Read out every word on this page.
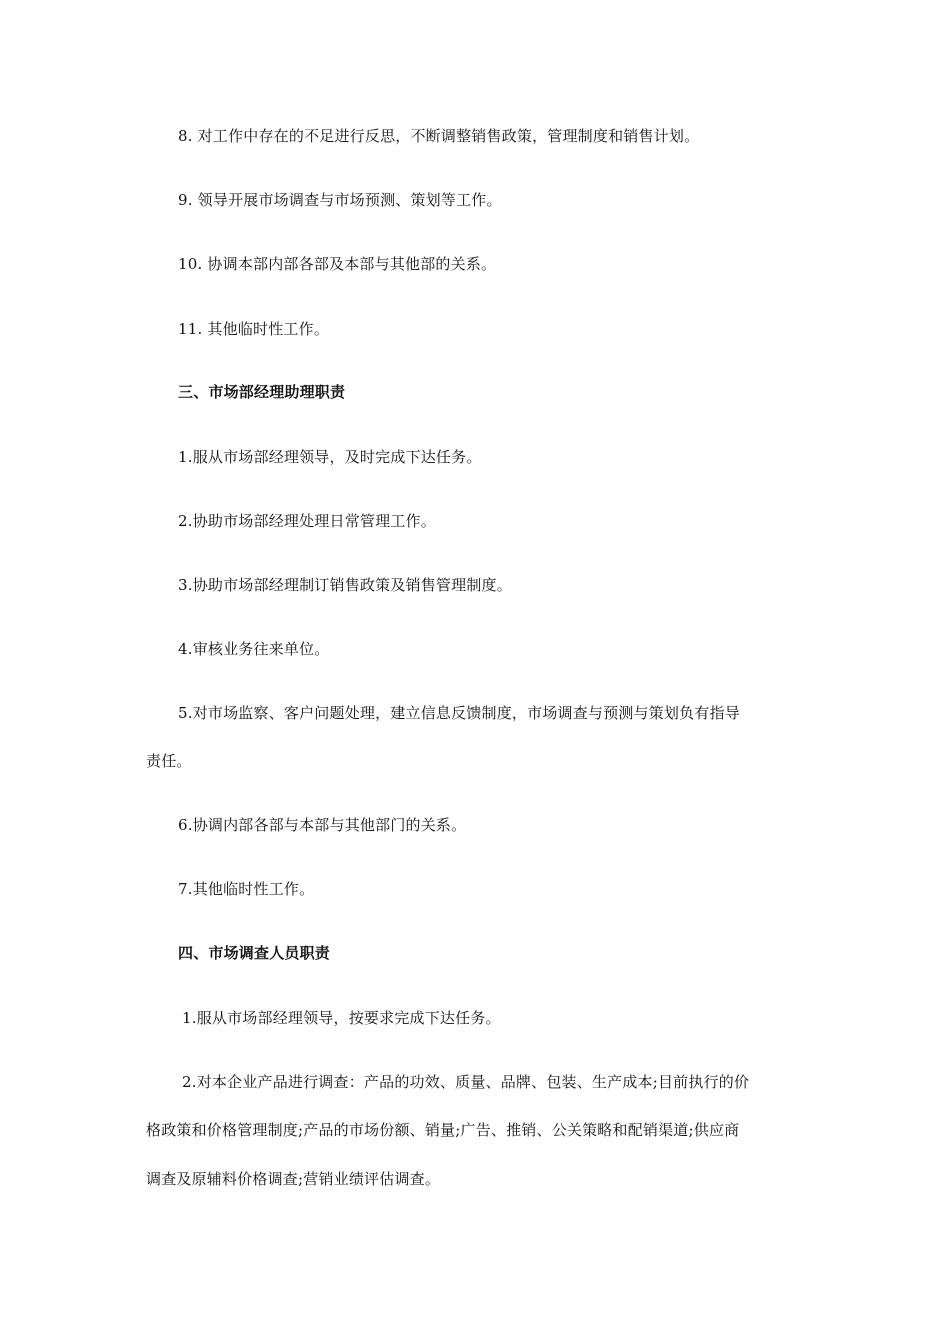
8. 对工作中存在的不足进行反思，不断调整销售政策，管理制度和销售计划。
9. 领导开展市场调查与市场预测、策划等工作。
10. 协调本部内部各部及本部与其他部的关系。
11. 其他临时性工作。
三、市场部经理助理职责
1.服从市场部经理领导，及时完成下达任务。
2.协助市场部经理处理日常管理工作。
3.协助市场部经理制订销售政策及销售管理制度。
4.审核业务往来单位。
5.对市场监察、客户问题处理，建立信息反馈制度，市场调查与预测与策划负有指导
责任。
6.协调内部各部与本部与其他部门的关系。
7.其他临时性工作。
四、市场调查人员职责
1.服从市场部经理领导，按要求完成下达任务。
2.对本企业产品进行调查：产品的功效、质量、品牌、包装、生产成本;目前执行的价
格政策和价格管理制度;产品的市场份额、销量;广告、推销、公关策略和配销渠道;供应商
调查及原辅料价格调查;营销业绩评估调查。
